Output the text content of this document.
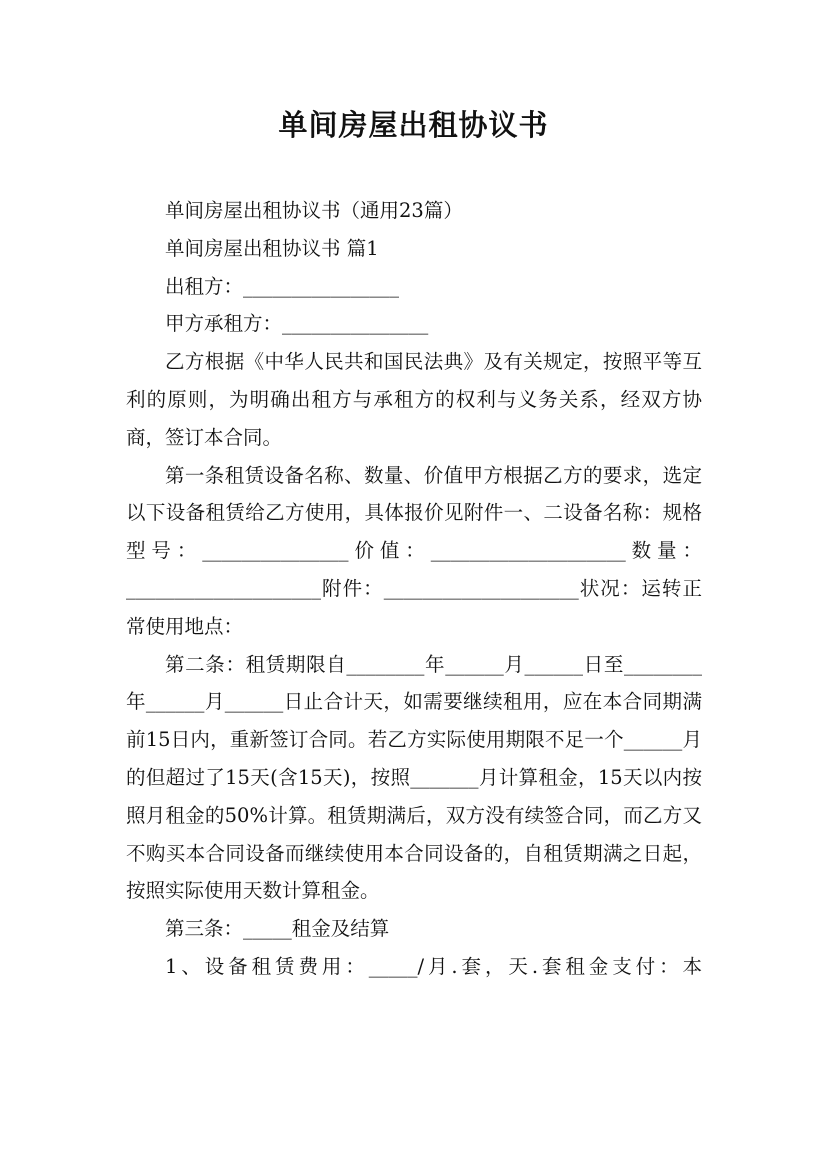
单间房屋出租协议书

单间房屋出租协议书（通用23篇）

单间房屋出租协议书 篇1

出租方：________________

甲方承租方：_______________

乙方根据《中华人民共和国民法典》及有关规定，按照平等互利的原则，为明确出租方与承租方的权利与义务关系，经双方协商，签订本合同。

第一条租赁设备名称、数量、价值甲方根据乙方的要求，选定以下设备租赁给乙方使用，具体报价见附件一、二设备名称：规格型号：_______________价值：____________________数量：____________________附件：____________________状况：运转正常使用地点：

第二条：租赁期限自________年______月______日至________年______月______日止合计天，如需要继续租用，应在本合同期满前15日内，重新签订合同。若乙方实际使用期限不足一个______月的但超过了15天(含15天)，按照_______月计算租金，15天以内按照月租金的50%计算。租赁期满后，双方没有续签合同，而乙方又不购买本合同设备而继续使用本合同设备的，自租赁期满之日起，按照实际使用天数计算租金。

第三条：_____租金及结算

1、设备租赁费用：_____/月.套，天.套租金支付：本
